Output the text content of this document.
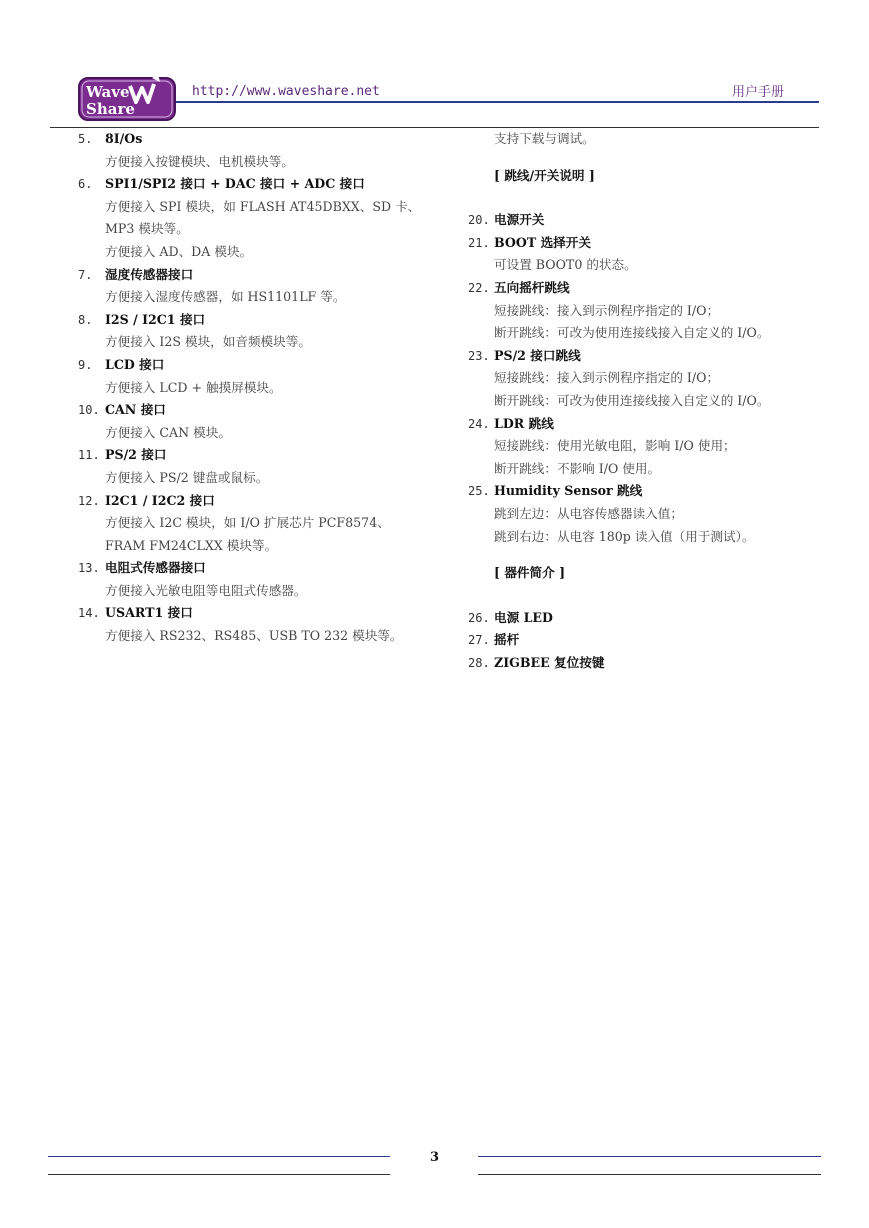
Wave
Share
http://www.waveshare.net	用户手册
5. 8I/Os
方便接入按键模块、电机模块等。
6. SPI1/SPI2 接口 + DAC 接口 + ADC 接口
方便接入 SPI 模块，如 FLASH AT45DBXX、SD 卡、
MP3 模块等。
方便接入 AD、DA 模块。
7. 湿度传感器接口
方便接入湿度传感器，如 HS1101LF 等。
8. I2S / I2C1 接口
方便接入 I2S 模块，如音频模块等。
9. LCD 接口
方便接入 LCD + 触摸屏模块。
10. CAN 接口
方便接入 CAN 模块。
11. PS/2 接口
方便接入 PS/2 键盘或鼠标。
12. I2C1 / I2C2 接口
方便接入 I2C 模块，如 I/O 扩展芯片 PCF8574、
FRAM FM24CLXX 模块等。
13. 电阻式传感器接口
方便接入光敏电阻等电阻式传感器。
14. USART1 接口
方便接入 RS232、RS485、USB TO 232 模块等。
支持下载与调试。
[ 跳线/开关说明 ]
20. 电源开关
21. BOOT 选择开关
可设置 BOOT0 的状态。
22. 五向摇杆跳线
短接跳线：接入到示例程序指定的 I/O；
断开跳线：可改为使用连接线接入自定义的 I/O。
23. PS/2 接口跳线
短接跳线：接入到示例程序指定的 I/O；
断开跳线：可改为使用连接线接入自定义的 I/O。
24. LDR 跳线
短接跳线：使用光敏电阻，影响 I/O 使用；
断开跳线：不影响 I/O 使用。
25. Humidity Sensor 跳线
跳到左边：从电容传感器读入值；
跳到右边：从电容 180p 读入值（用于测试）。
[ 器件简介 ]
26. 电源 LED
27. 摇杆
28. ZIGBEE 复位按键
3
